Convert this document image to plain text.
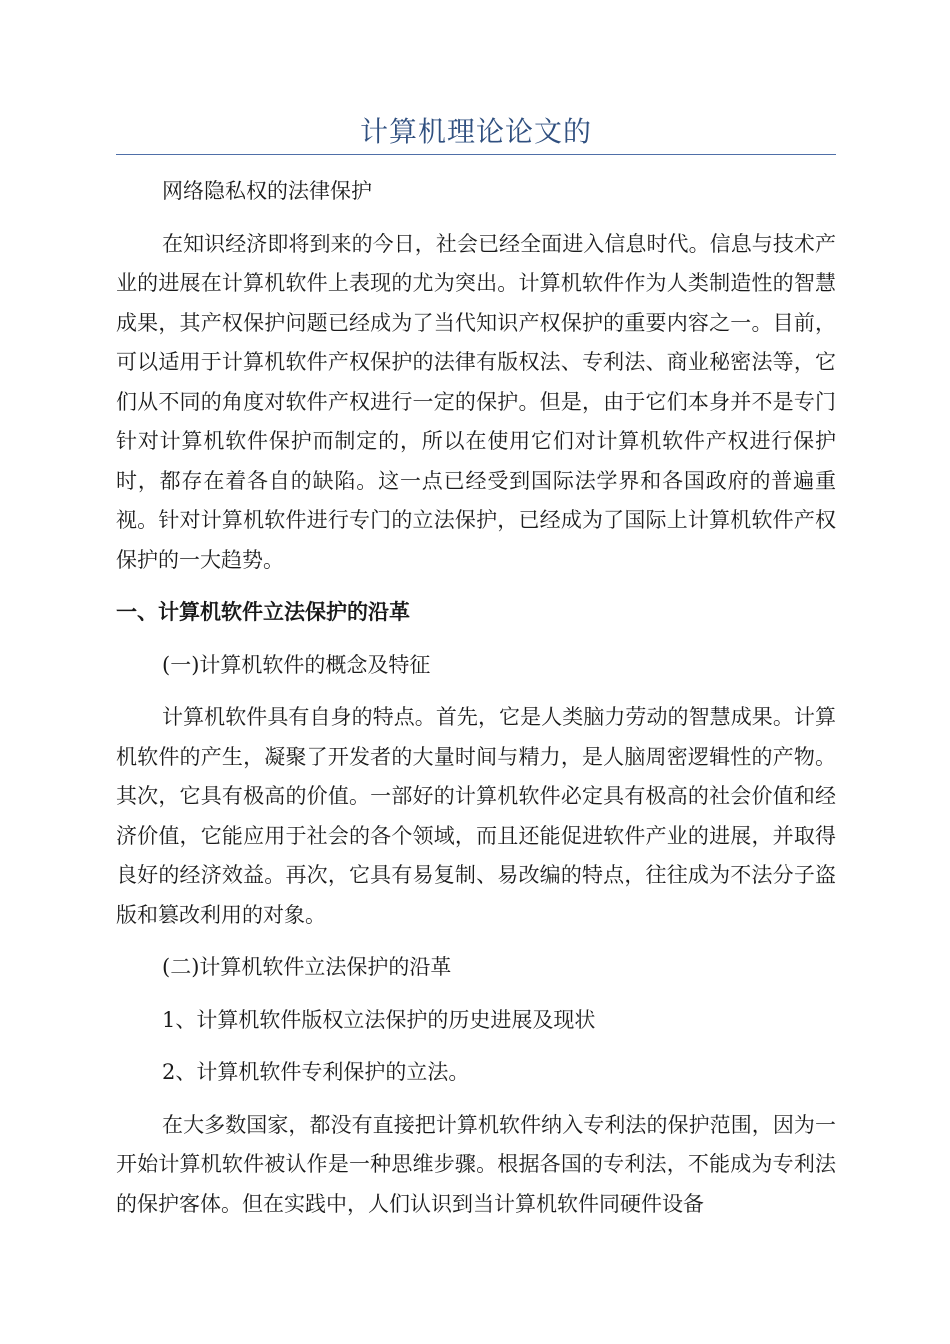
计算机理论论文的

网络隐私权的法律保护

在知识经济即将到来的今日，社会已经全面进入信息时代。信息与技术产业的进展在计算机软件上表现的尤为突出。计算机软件作为人类制造性的智慧成果，其产权保护问题已经成为了当代知识产权保护的重要内容之一。目前，可以适用于计算机软件产权保护的法律有版权法、专利法、商业秘密法等，它们从不同的角度对软件产权进行一定的保护。但是，由于它们本身并不是专门针对计算机软件保护而制定的，所以在使用它们对计算机软件产权进行保护时，都存在着各自的缺陷。这一点已经受到国际法学界和各国政府的普遍重视。针对计算机软件进行专门的立法保护，已经成为了国际上计算机软件产权保护的一大趋势。

一、计算机软件立法保护的沿革

(一)计算机软件的概念及特征

计算机软件具有自身的特点。首先，它是人类脑力劳动的智慧成果。计算机软件的产生，凝聚了开发者的大量时间与精力，是人脑周密逻辑性的产物。其次，它具有极高的价值。一部好的计算机软件必定具有极高的社会价值和经济价值，它能应用于社会的各个领域，而且还能促进软件产业的进展，并取得良好的经济效益。再次，它具有易复制、易改编的特点，往往成为不法分子盗版和篡改利用的对象。

(二)计算机软件立法保护的沿革

1、计算机软件版权立法保护的历史进展及现状

2、计算机软件专利保护的立法。

在大多数国家，都没有直接把计算机软件纳入专利法的保护范围，因为一开始计算机软件被认作是一种思维步骤。根据各国的专利法，不能成为专利法的保护客体。但在实践中，人们认识到当计算机软件同硬件设备
